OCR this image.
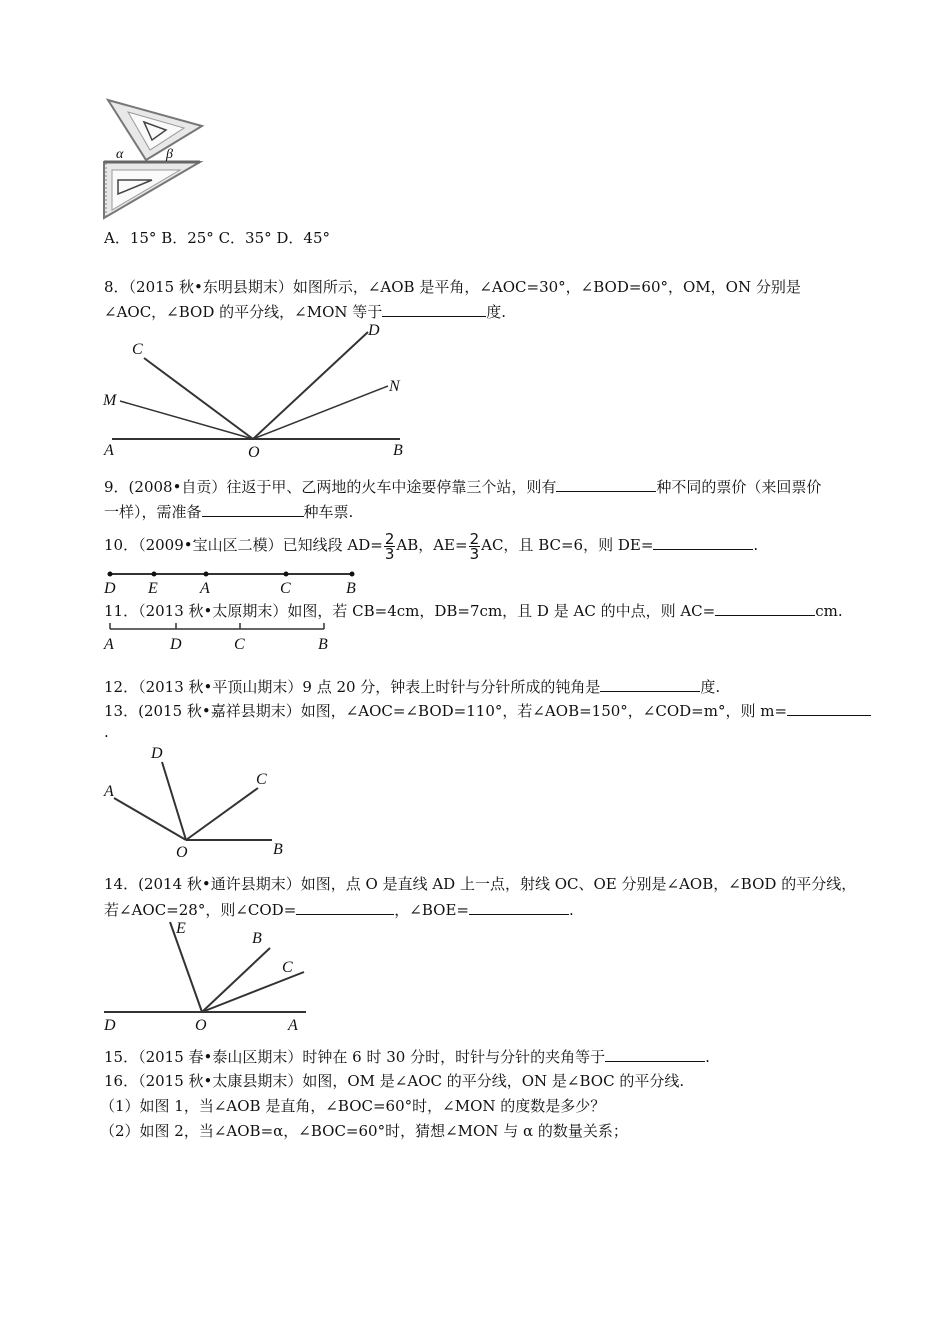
α	β
A．15° B．25° C．35° D．45°
8．（2015 秋•东明县期末）如图所示，∠AOB 是平角，∠AOC=30°，∠BOD=60°，OM，ON 分别是
∠AOC，∠BOD 的平分线，∠MON 等于	度.
C
M
A	O	B
D
N
9．(2008•自贡）往返于甲、乙两地的火车中途要停靠三个站，则有	种不同的票价（来回票价
一样），需准备	种车票.
10．（2009•宝山区二模）已知线段 $AD= \frac{2}{3}$ AB，$AE= \frac{2}{3}$ AC，且 BC=6，则 DE=	.
D E	A	C	B
11．（2013 秋•太原期末）如图，若 CB=4cm，DB=7cm，且 D 是 AC 的中点，则 AC=	cm.
A	D	C	B
12．（2013 秋•平顶山期末）9 点 20 分，钟表上时针与分针所成的钝角是	度.
13．(2015 秋•嘉祥县期末）如图，∠AOC=∠BOD=110°，若∠AOB=150°，∠COD=m°，则 m=
.
A
D
C
O	B
14．(2014 秋•通许县期末）如图，点 O 是直线 AD 上一点，射线 OC、OE 分别是∠AOB，∠BOD 的平分线，
若∠AOC=28°，则∠COD=	，∠BOE=	.
E
B
C
D	O	A
15．（2015 春•泰山区期末）时钟在 6 时 30 分时，时针与分针的夹角等于	.
16．（2015 秋•太康县期末）如图，OM 是∠AOC 的平分线，ON 是∠BOC 的平分线.
（1）如图 1，当∠AOB 是直角，∠BOC=60°时，∠MON 的度数是多少？
（2）如图 2，当∠AOB=α，∠BOC=60°时，猜想∠MON 与 α 的数量关系；
